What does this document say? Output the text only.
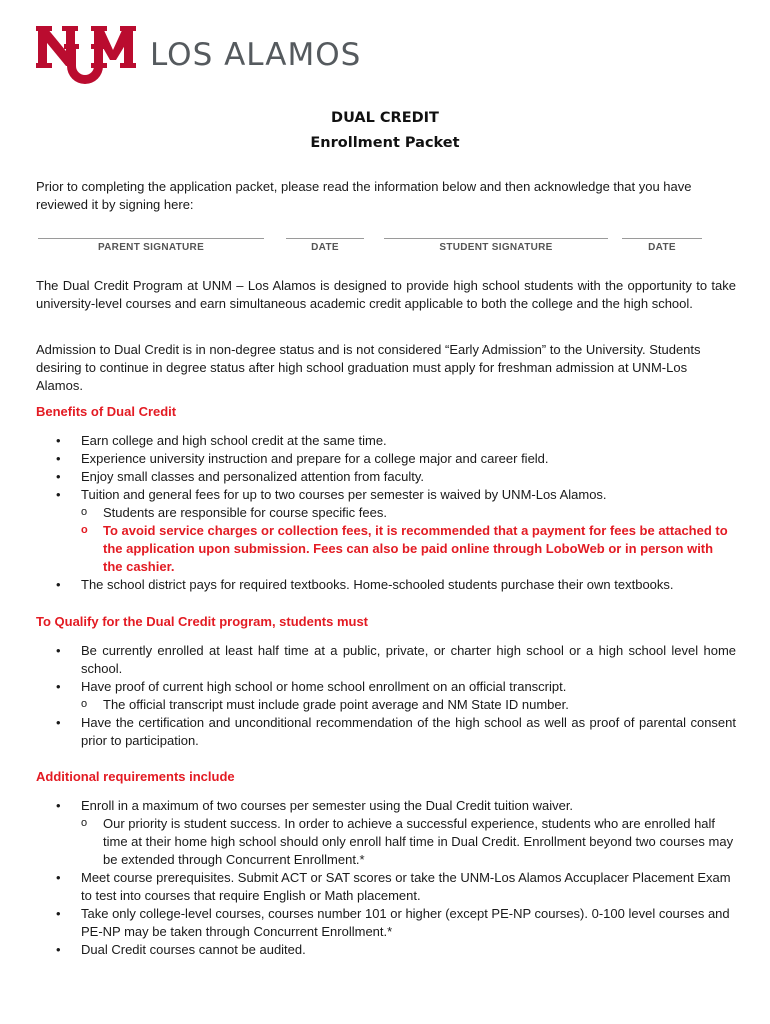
LOS ALAMOS
DUAL CREDIT
Enrollment Packet
Prior to completing the application packet, please read the information below and then acknowledge that you have reviewed it by signing here:
PARENT SIGNATURE	DATE	STUDENT SIGNATURE	DATE
The Dual Credit Program at UNM – Los Alamos is designed to provide high school students with the opportunity to take university-level courses and earn simultaneous academic credit applicable to both the college and the high school.
Admission to Dual Credit is in non-degree status and is not considered “Early Admission” to the University. Students desiring to continue in degree status after high school graduation must apply for freshman admission at UNM-Los Alamos.
Benefits of Dual Credit
• Earn college and high school credit at the same time.
• Experience university instruction and prepare for a college major and career field.
• Enjoy small classes and personalized attention from faculty.
• Tuition and general fees for up to two courses per semester is waived by UNM-Los Alamos.
o Students are responsible for course specific fees.
o To avoid service charges or collection fees, it is recommended that a payment for fees be attached to the application upon submission. Fees can also be paid online through LoboWeb or in person with the cashier.
• The school district pays for required textbooks. Home-schooled students purchase their own textbooks.
To Qualify for the Dual Credit program, students must
• Be currently enrolled at least half time at a public, private, or charter high school or a high school level home school.
• Have proof of current high school or home school enrollment on an official transcript.
o The official transcript must include grade point average and NM State ID number.
• Have the certification and unconditional recommendation of the high school as well as proof of parental consent prior to participation.
Additional requirements include
• Enroll in a maximum of two courses per semester using the Dual Credit tuition waiver.
o Our priority is student success. In order to achieve a successful experience, students who are enrolled half time at their home high school should only enroll half time in Dual Credit. Enrollment beyond two courses may be extended through Concurrent Enrollment.*
• Meet course prerequisites. Submit ACT or SAT scores or take the UNM-Los Alamos Accuplacer Placement Exam to test into courses that require English or Math placement.
• Take only college-level courses, courses number 101 or higher (except PE-NP courses). 0-100 level courses and PE-NP may be taken through Concurrent Enrollment.*
• Dual Credit courses cannot be audited.
